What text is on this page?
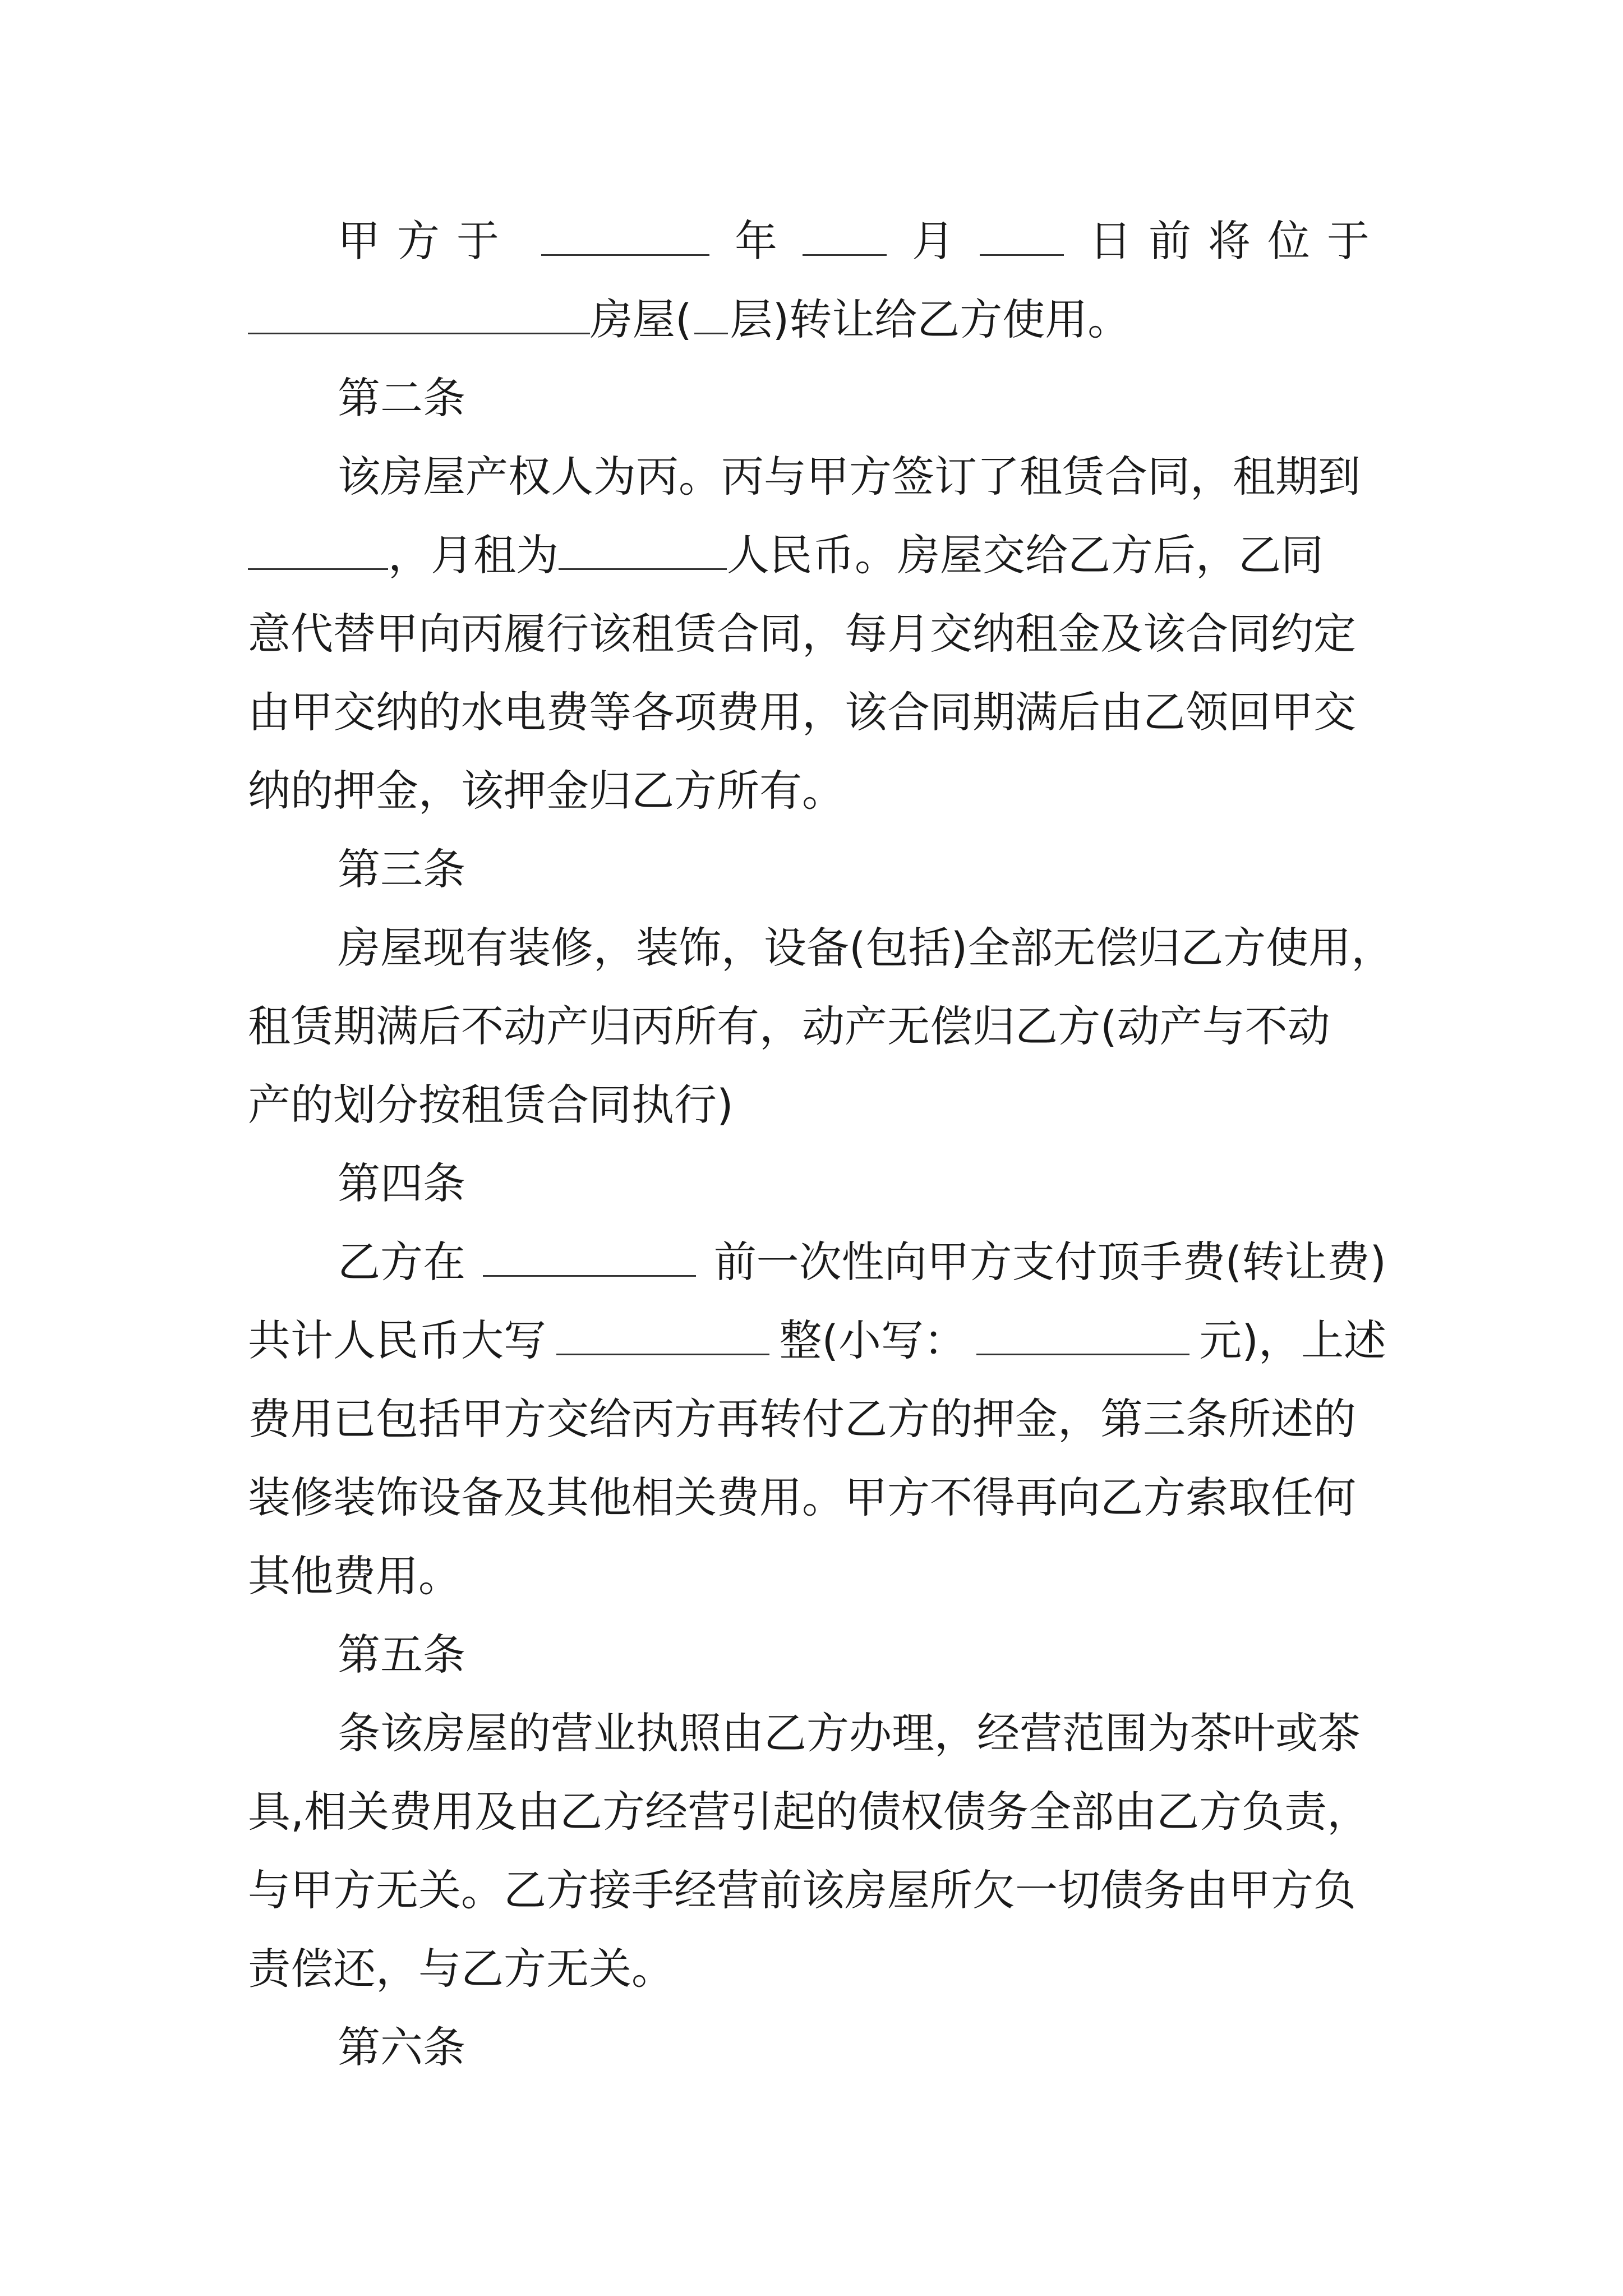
甲方于	年	月	日前将位于
房屋( 层)转让给乙方使用。
第二条
该房屋产权人为丙。丙与甲方签订了租赁合同，租期到
，月租为	人民币。房屋交给乙方后，乙同
意代替甲向丙履行该租赁合同，每月交纳租金及该合同约定
由甲交纳的水电费等各项费用，该合同期满后由乙领回甲交
纳的押金，该押金归乙方所有。
第三条
房屋现有装修，装饰，设备(包括)全部无偿归乙方使用，
租赁期满后不动产归丙所有，动产无偿归乙方(动产与不动
产的划分按租赁合同执行)
第四条
乙方在	前一次性向甲方支付顶手费(转让费)
共计人民币大写	整(小写：	元)，上述
费用已包括甲方交给丙方再转付乙方的押金，第三条所述的
装修装饰设备及其他相关费用。甲方不得再向乙方索取任何
其他费用。
第五条
条该房屋的营业执照由乙方办理，经营范围为茶叶或茶
具,相关费用及由乙方经营引起的债权债务全部由乙方负责，
与甲方无关。乙方接手经营前该房屋所欠一切债务由甲方负
责偿还，与乙方无关。
第六条
